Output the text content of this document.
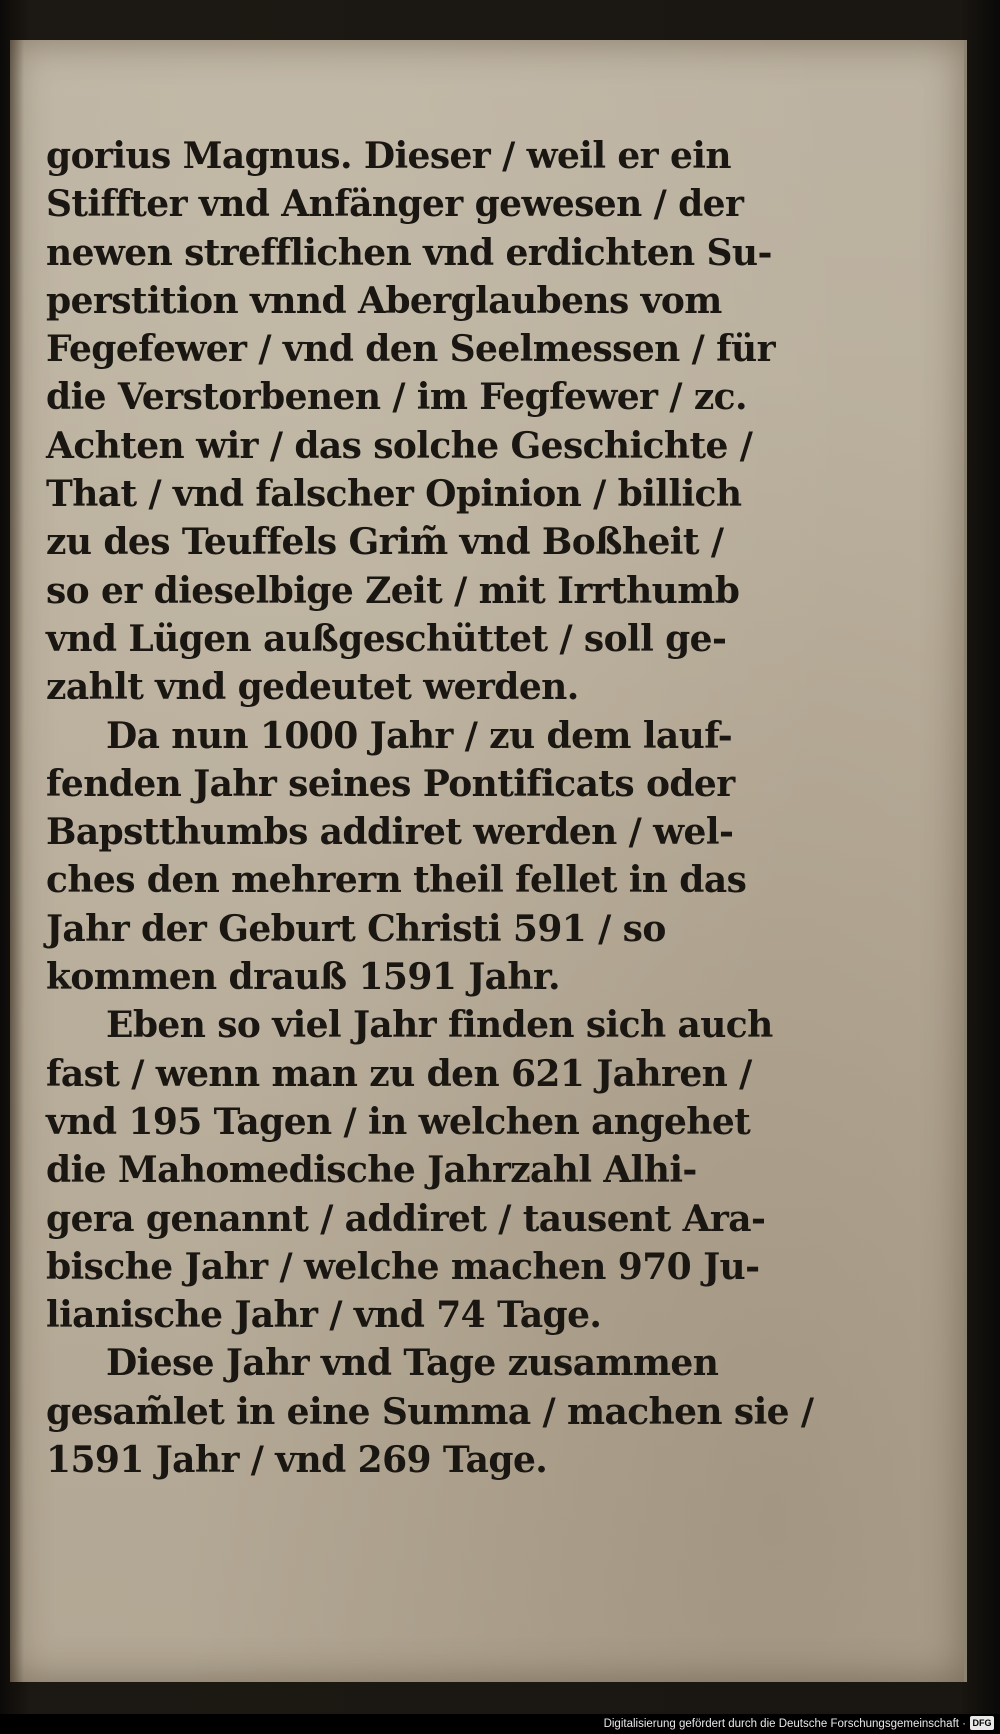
gorius Magnus. Dieser / weil er ein
Stiffter vnd Anfänger gewesen / der
newen strefflichen vnd erdichten Su-
perstition vnnd Aberglaubens vom
Fegefewer / vnd den Seelmessen / für
die Verstorbenen / im Fegfewer / zc.
Achten wir / das solche Geschichte /
That / vnd falscher Opinion / billich
zu des Teuffels Grim̃ vnd Boßheit /
so er dieselbige Zeit / mit Irrthumb
vnd Lügen außgeschüttet / soll ge-
zahlt vnd gedeutet werden.
Da nun 1000 Jahr / zu dem lauf-
fenden Jahr seines Pontificats oder
Bapstthumbs addiret werden / wel-
ches den mehrern theil fellet in das
Jahr der Geburt Christi 591 / so
kommen drauß 1591 Jahr.
Eben so viel Jahr finden sich auch
fast / wenn man zu den 621 Jahren /
vnd 195 Tagen / in welchen angehet
die Mahomedische Jahrzahl Alhi-
gera genannt / addiret / tausent Ara-
bische Jahr / welche machen 970 Ju-
lianische Jahr / vnd 74 Tage.
Diese Jahr vnd Tage zusammen
gesam̃let in eine Summa / machen sie /
1591 Jahr / vnd 269 Tage.
Digitalisierung gefördert durch die Deutsche Forschungsgemeinschaft · DFG
